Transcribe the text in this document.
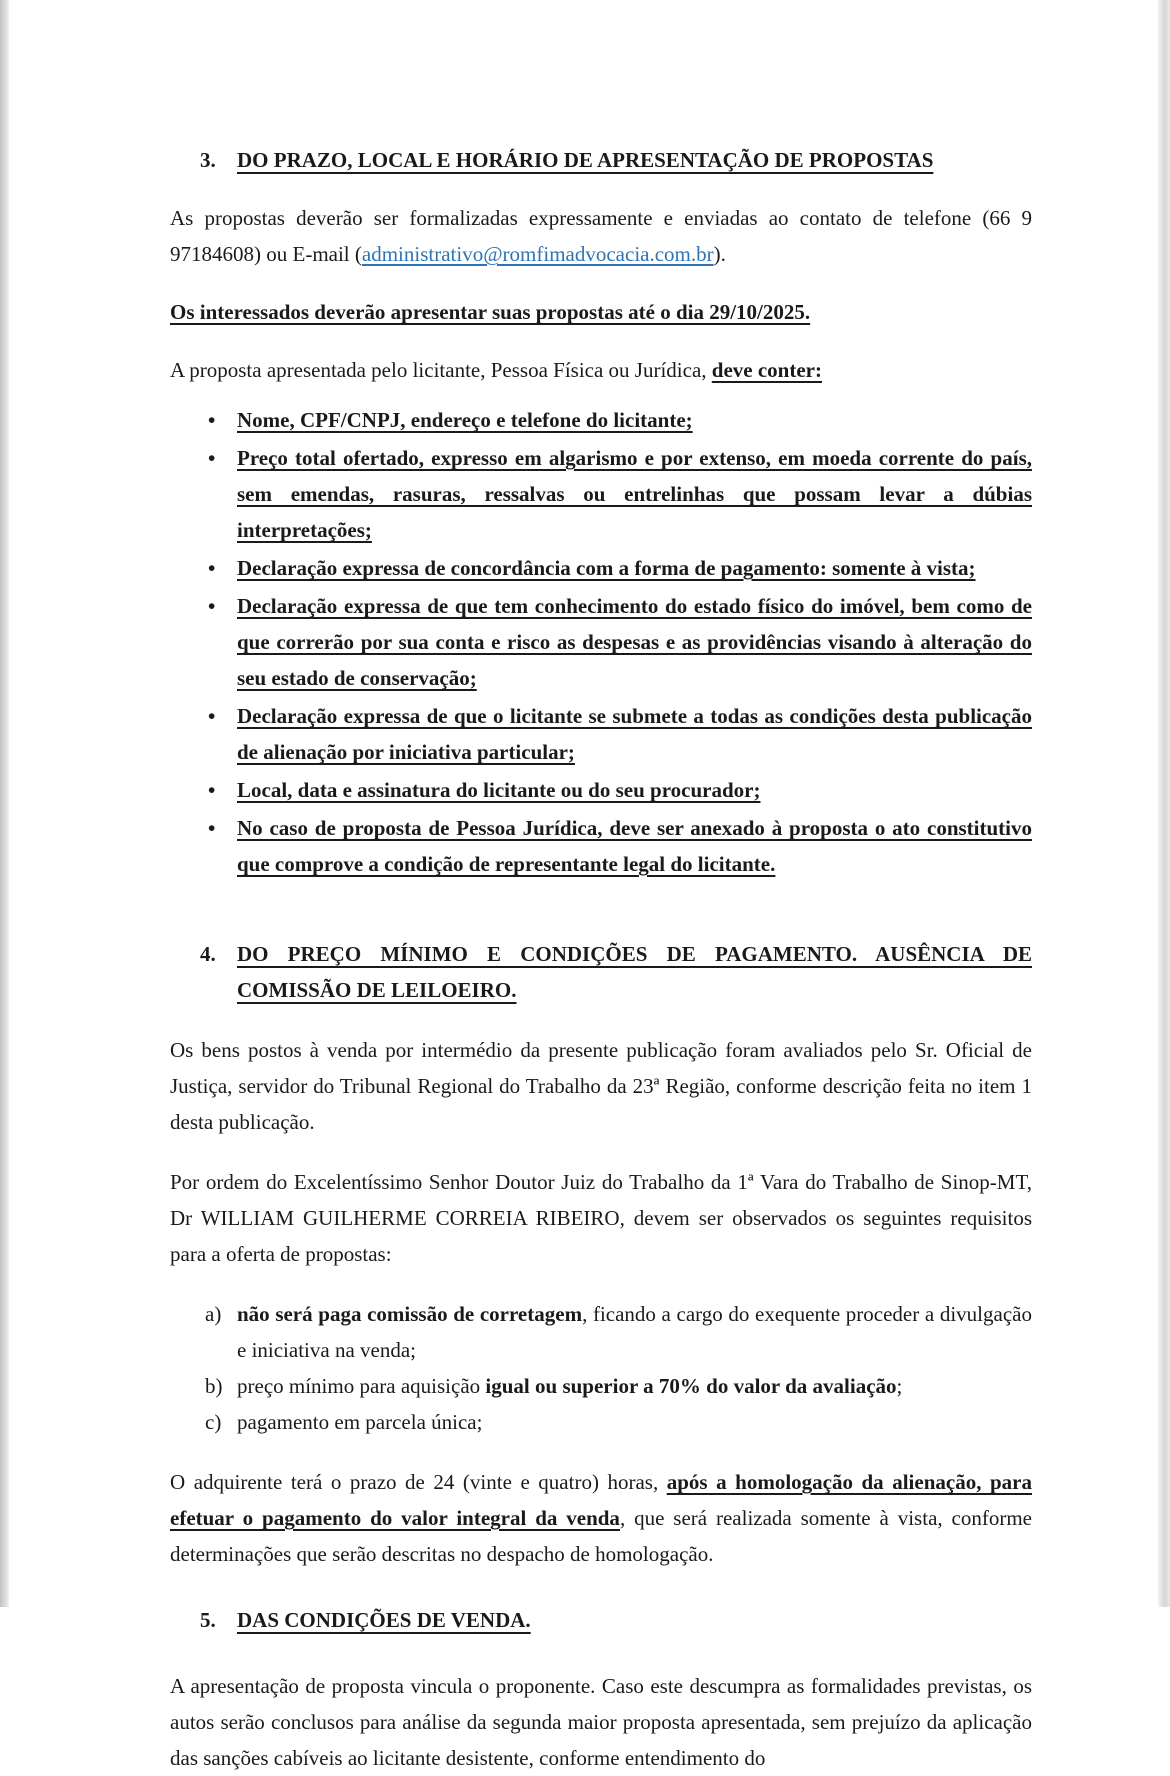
3.	DO PRAZO, LOCAL E HORÁRIO DE APRESENTAÇÃO DE PROPOSTAS

As propostas deverão ser formalizadas expressamente e enviadas ao contato de telefone (66 9 97184608) ou E-mail (administrativo@romfimadvocacia.com.br).

Os interessados deverão apresentar suas propostas até o dia 29/10/2025.

A proposta apresentada pelo licitante, Pessoa Física ou Jurídica, deve conter:

• Nome, CPF/CNPJ, endereço e telefone do licitante;
• Preço total ofertado, expresso em algarismo e por extenso, em moeda corrente do país, sem emendas, rasuras, ressalvas ou entrelinhas que possam levar a dúbias interpretações;
• Declaração expressa de concordância com a forma de pagamento: somente à vista;
• Declaração expressa de que tem conhecimento do estado físico do imóvel, bem como de que correrão por sua conta e risco as despesas e as providências visando à alteração do seu estado de conservação;
• Declaração expressa de que o licitante se submete a todas as condições desta publicação de alienação por iniciativa particular;
• Local, data e assinatura do licitante ou do seu procurador;
• No caso de proposta de Pessoa Jurídica, deve ser anexado à proposta o ato constitutivo que comprove a condição de representante legal do licitante.
4.	DO PREÇO MÍNIMO E CONDIÇÕES DE PAGAMENTO. AUSÊNCIA DE COMISSÃO DE LEILOEIRO.

Os bens postos à venda por intermédio da presente publicação foram avaliados pelo Sr. Oficial de Justiça, servidor do Tribunal Regional do Trabalho da 23ª Região, conforme descrição feita no item 1 desta publicação.

Por ordem do Excelentíssimo Senhor Doutor Juiz do Trabalho da 1ª Vara do Trabalho de Sinop-MT, Dr WILLIAM GUILHERME CORREIA RIBEIRO, devem ser observados os seguintes requisitos para a oferta de propostas:

a) não será paga comissão de corretagem, ficando a cargo do exequente proceder a divulgação e iniciativa na venda;
b) preço mínimo para aquisição igual ou superior a 70% do valor da avaliação;
c) pagamento em parcela única;

O adquirente terá o prazo de 24 (vinte e quatro) horas, após a homologação da alienação, para efetuar o pagamento do valor integral da venda, que será realizada somente à vista, conforme determinações que serão descritas no despacho de homologação.

5.	DAS CONDIÇÕES DE VENDA.

A apresentação de proposta vincula o proponente. Caso este descumpra as formalidades previstas, os autos serão conclusos para análise da segunda maior proposta apresentada, sem prejuízo da aplicação das sanções cabíveis ao licitante desistente, conforme entendimento do
